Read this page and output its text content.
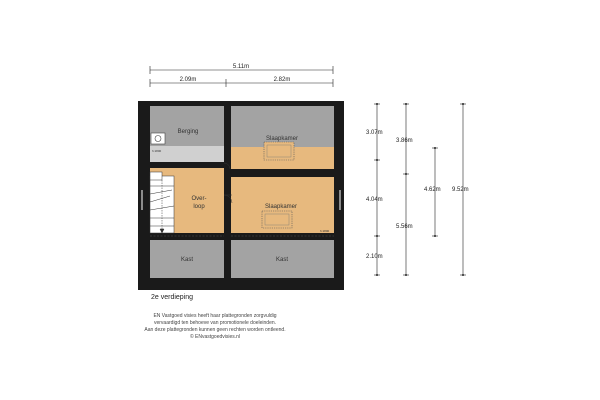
5.11m
2.09m	2.82m
Berging
Slaapkamer
Over-
loop	Slaapkamer
Kast	Kast
h:1800
h:1800
3.07m
3.86m
4.04m
4.62m 9.52m
5.56m
2.10m
2e verdieping
EN Vastgoed visies heeft haar plattegronden zorgvuldig
vervaardigd ten behoeve van promotionele doeleinden.
Aan deze plattegronden kunnen geen rechten worden ontleend.
© ENvastgoedvisies.nl
